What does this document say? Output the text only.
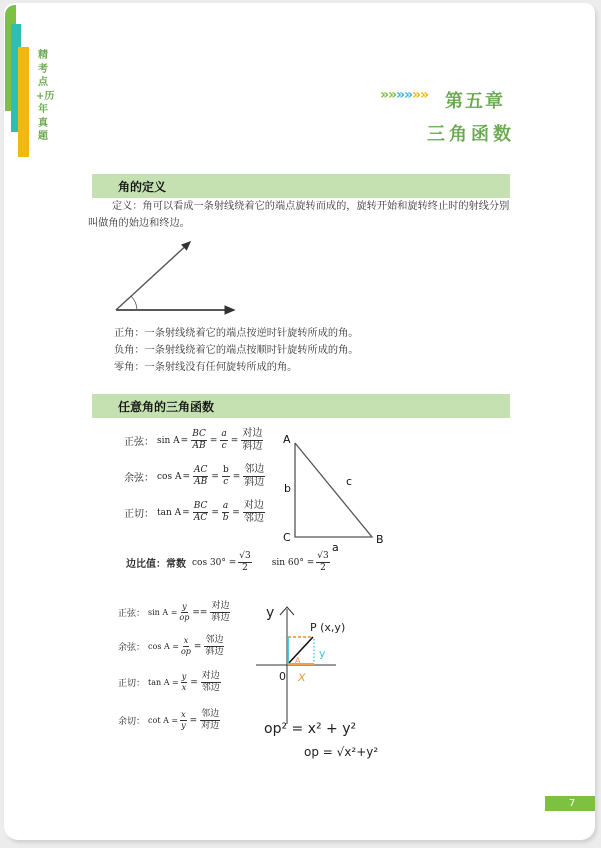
精考点+历年真题
»
»
»
»
»
» 第五章
三角函数
角的定义
定义：角可以看成一条射线绕着它的端点旋转而成的，旋转开始和旋转终止时的射线分别叫做角的始边和终边。
正角：一条射线绕着它的端点按逆时针旋转所成的角。
负角：一条射线绕着它的端点按顺时针旋转所成的角。
零角：一条射线没有任何旋转所成的角。
任意角的三角函数
正弦： $\sin A = \frac{BC}{AB} = \frac{a}{c} = \frac{\text{对边}}{\text{斜边}}$
余弦： $\cos A = \frac{AC}{AB} = \frac{b}{c} = \frac{\text{邻边}}{\text{斜边}}$
正切： $\tan A = \frac{BC}{AC} = \frac{a}{b} = \frac{\text{对边}}{\text{邻边}}$
A
C	B
b
c
a
边比值：常数 $\cos 30^\circ = \frac{√3}{2}$ $\sin 60^\circ = \frac{√3}{2}$
正弦： $\sin A = \frac{y}{op} == \frac{\text{对边}}{\text{斜边}}$
余弦： $\cos A = \frac{x}{op} = \frac{\text{邻边}}{\text{斜边}}$
正切： $\tan A = \frac{y}{x} = \frac{\text{对边}}{\text{邻边}}$
余切： $\cot A = \frac{x}{y} = \frac{\text{邻边}}{\text{对边}}$
y
P (x,y)
y
A
0 x
op² = x² + y²
op = √x²+y²
7
